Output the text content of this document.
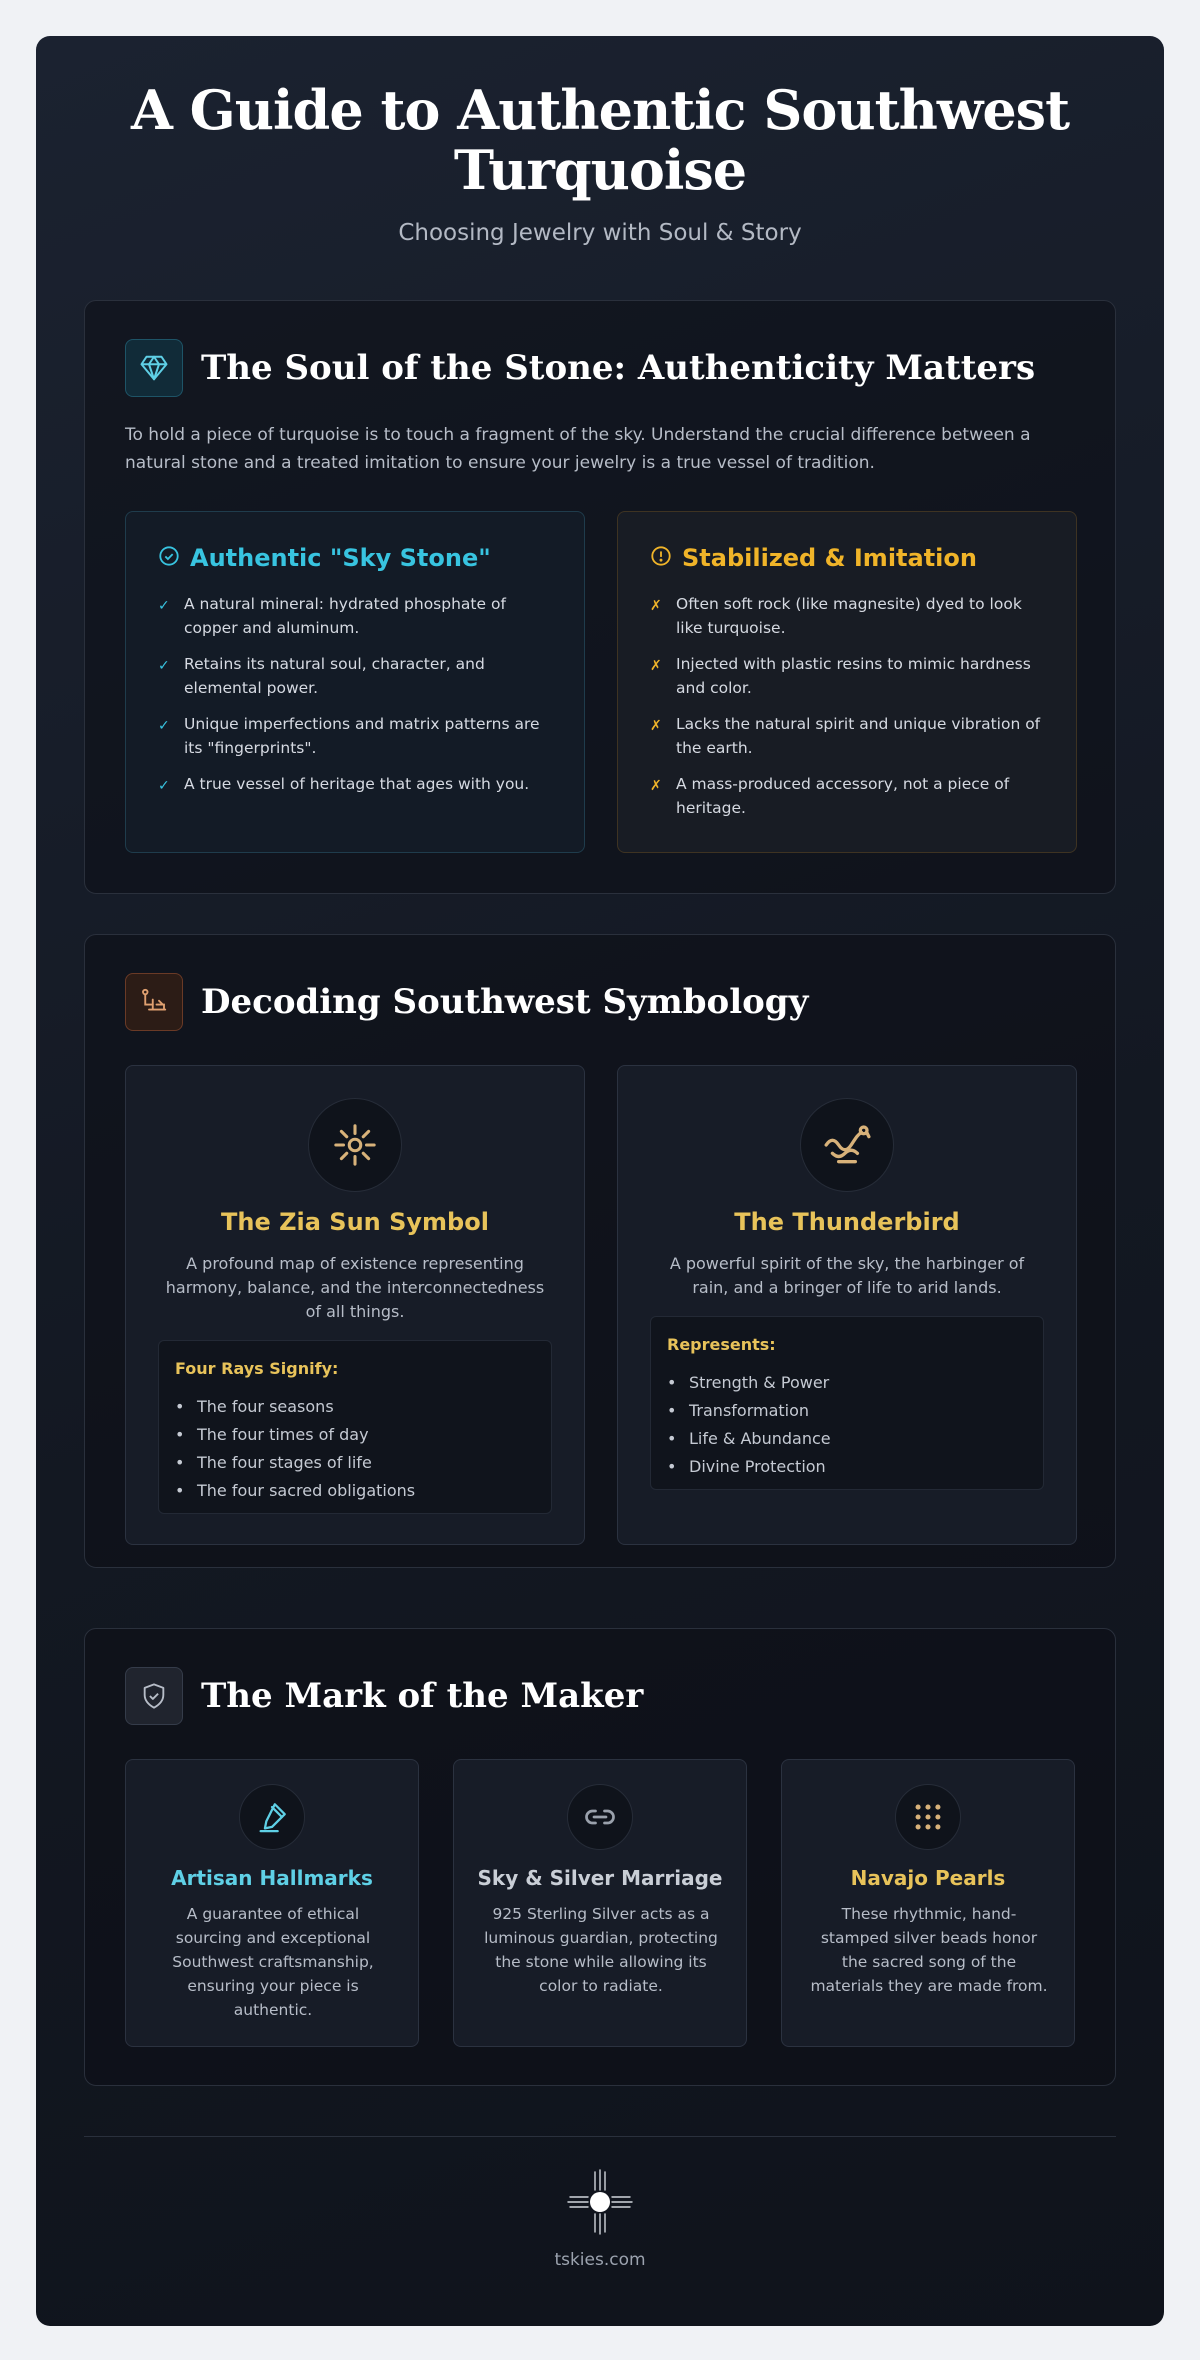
A Guide to Authentic Southwest Turquoise
Choosing Jewelry with Soul & Story
The Soul of the Stone: Authenticity Matters

To hold a piece of turquoise is to touch a fragment of the sky. Understand the crucial difference between a natural stone and a treated imitation to ensure your jewelry is a true vessel of tradition.

Authentic "Sky Stone"
✓ A natural mineral: hydrated phosphate of copper and aluminum.
✓ Retains its natural soul, character, and elemental power.
✓ Unique imperfections and matrix patterns are its "fingerprints".
✓ A true vessel of heritage that ages with you.
Stabilized & Imitation
✗ Often soft rock (like magnesite) dyed to look like turquoise.
✗ Injected with plastic resins to mimic hardness and color.
✗ Lacks the natural spirit and unique vibration of the earth.
✗ A mass-produced accessory, not a piece of heritage.
Decoding Southwest Symbology
The Zia Sun Symbol
A profound map of existence representing harmony, balance, and the interconnectedness of all things.
Four Rays Signify:
• The four seasons
• The four times of day
• The four stages of life
• The four sacred obligations
The Thunderbird
A powerful spirit of the sky, the harbinger of rain, and a bringer of life to arid lands.
Represents:
• Strength & Power
• Transformation
• Life & Abundance
• Divine Protection
The Mark of the Maker
Artisan Hallmarks
A guarantee of ethical sourcing and exceptional Southwest craftsmanship, ensuring your piece is authentic.
Sky & Silver Marriage
925 Sterling Silver acts as a luminous guardian, protecting the stone while allowing its color to radiate.
Navajo Pearls
These rhythmic, hand-stamped silver beads honor the sacred song of the materials they are made from.
tskies.com
